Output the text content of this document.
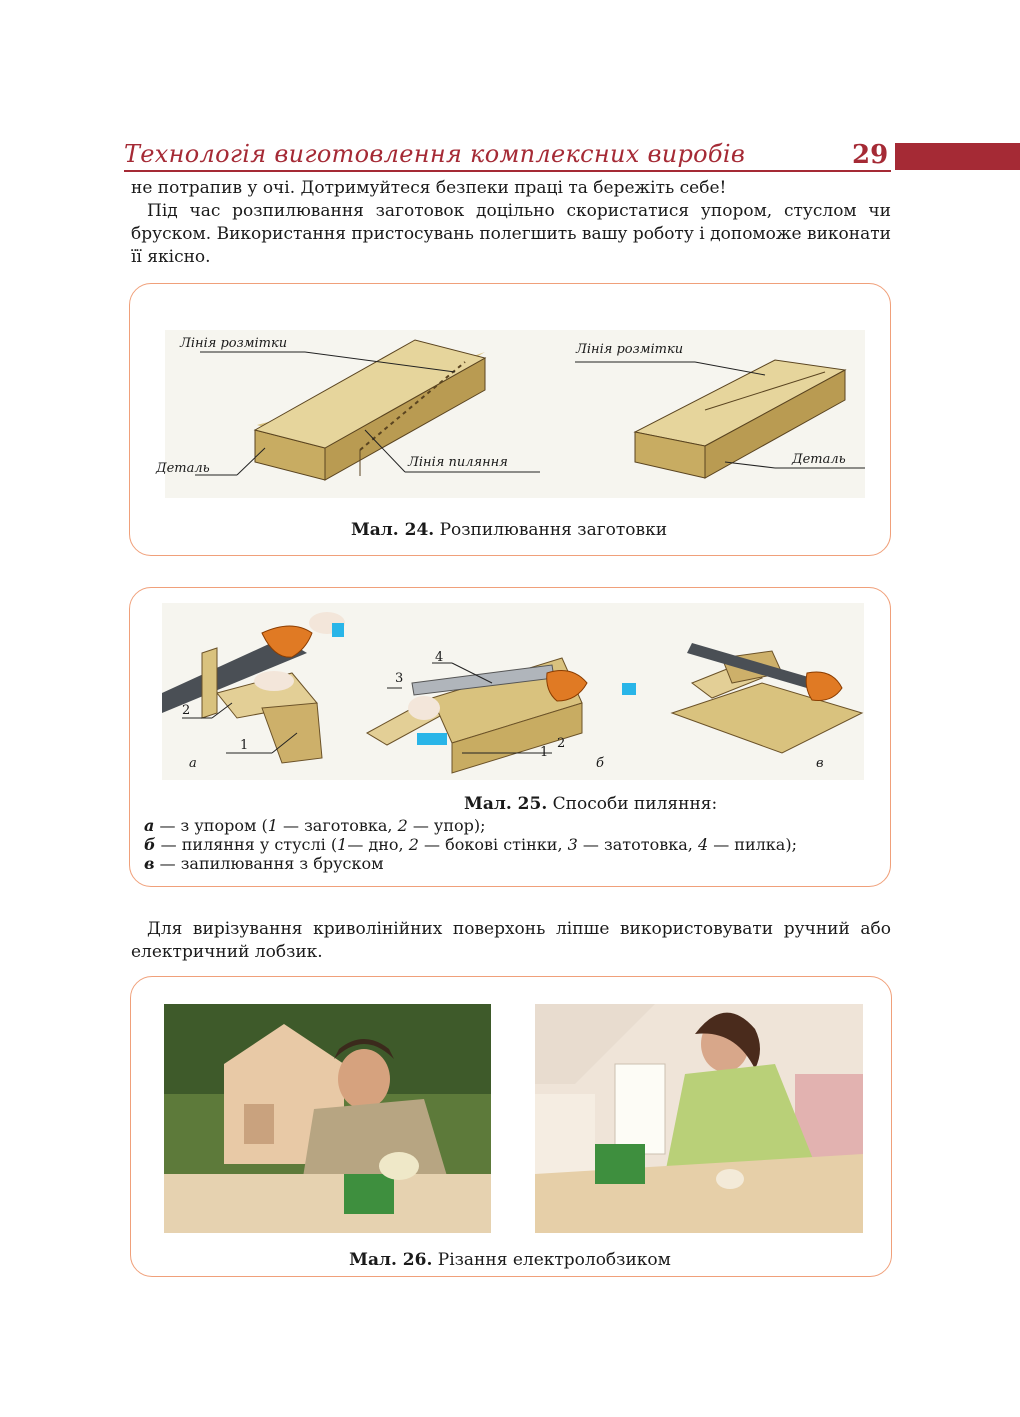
Технологія виготовлення комплексних виробів	29
не потрапив у очі. Дотримуйтеся безпеки праці та бережіть себе!
Під час розпилювання заготовок доцільно скористатися упором, стуслом чи бруском. Використання пристосувань полегшить вашу роботу і допоможе виконати її якісно.
Лінія розмітки
Деталь	Лінія пиляння
Лінія розмітки
Деталь
Мал. 24. Розпилювання заготовки
2
1
3
4
1
2
а	б	в
Мал. 25. Способи пиляння:
а — з упором (1 — заготовка, 2 — упор);
б — пиляння у стуслі (1— дно, 2 — бокові стінки, 3 — затотовка, 4 — пилка);
в — запилювання з бруском
Для вирізування криволінійних поверхонь ліпше використовувати ручний або електричний лобзик.
Мал. 26. Різання електролобзиком
